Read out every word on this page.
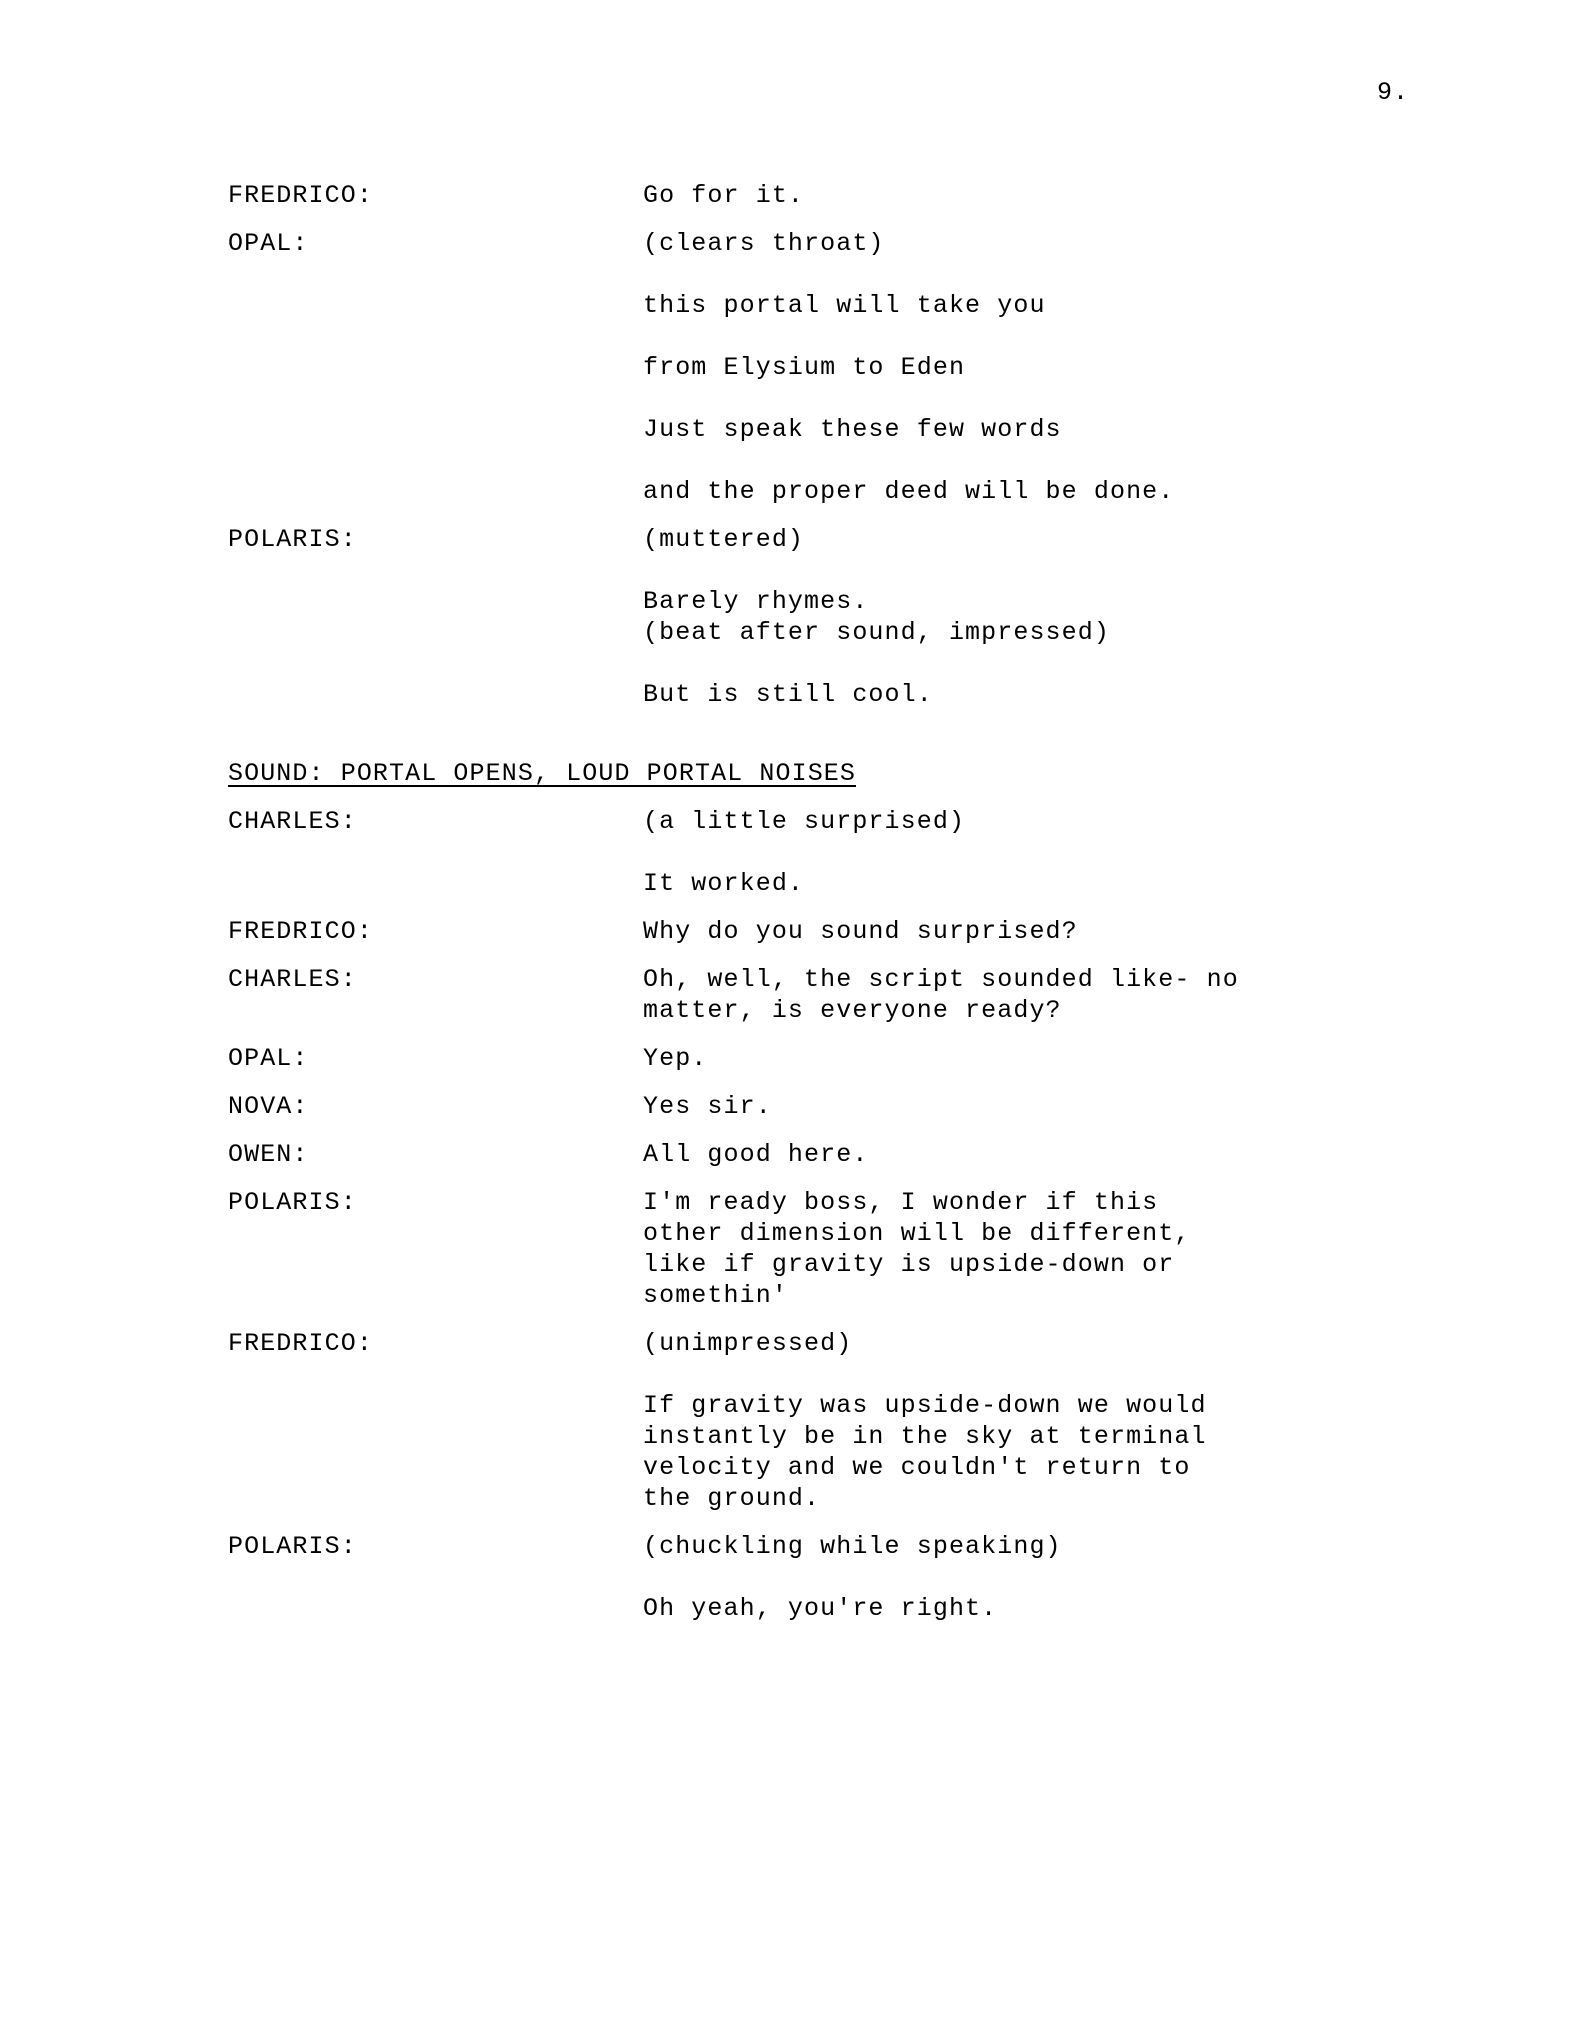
9.
FREDRICO:	Go for it.
OPAL:	(clears throat)
this portal will take you
from Elysium to Eden
Just speak these few words
and the proper deed will be done.
POLARIS:	(muttered)
Barely rhymes.
(beat after sound, impressed)
But is still cool.
SOUND: PORTAL OPENS, LOUD PORTAL NOISES
CHARLES:	(a little surprised)
It worked.
FREDRICO:	Why do you sound surprised?
CHARLES:	Oh, well, the script sounded like- no
matter, is everyone ready?
OPAL:	Yep.
NOVA:	Yes sir.
OWEN:	All good here.
POLARIS:	I'm ready boss, I wonder if this
other dimension will be different,
like if gravity is upside-down or
somethin'
FREDRICO:	(unimpressed)
If gravity was upside-down we would
instantly be in the sky at terminal
velocity and we couldn't return to
the ground.
POLARIS:	(chuckling while speaking)
Oh yeah, you're right.
